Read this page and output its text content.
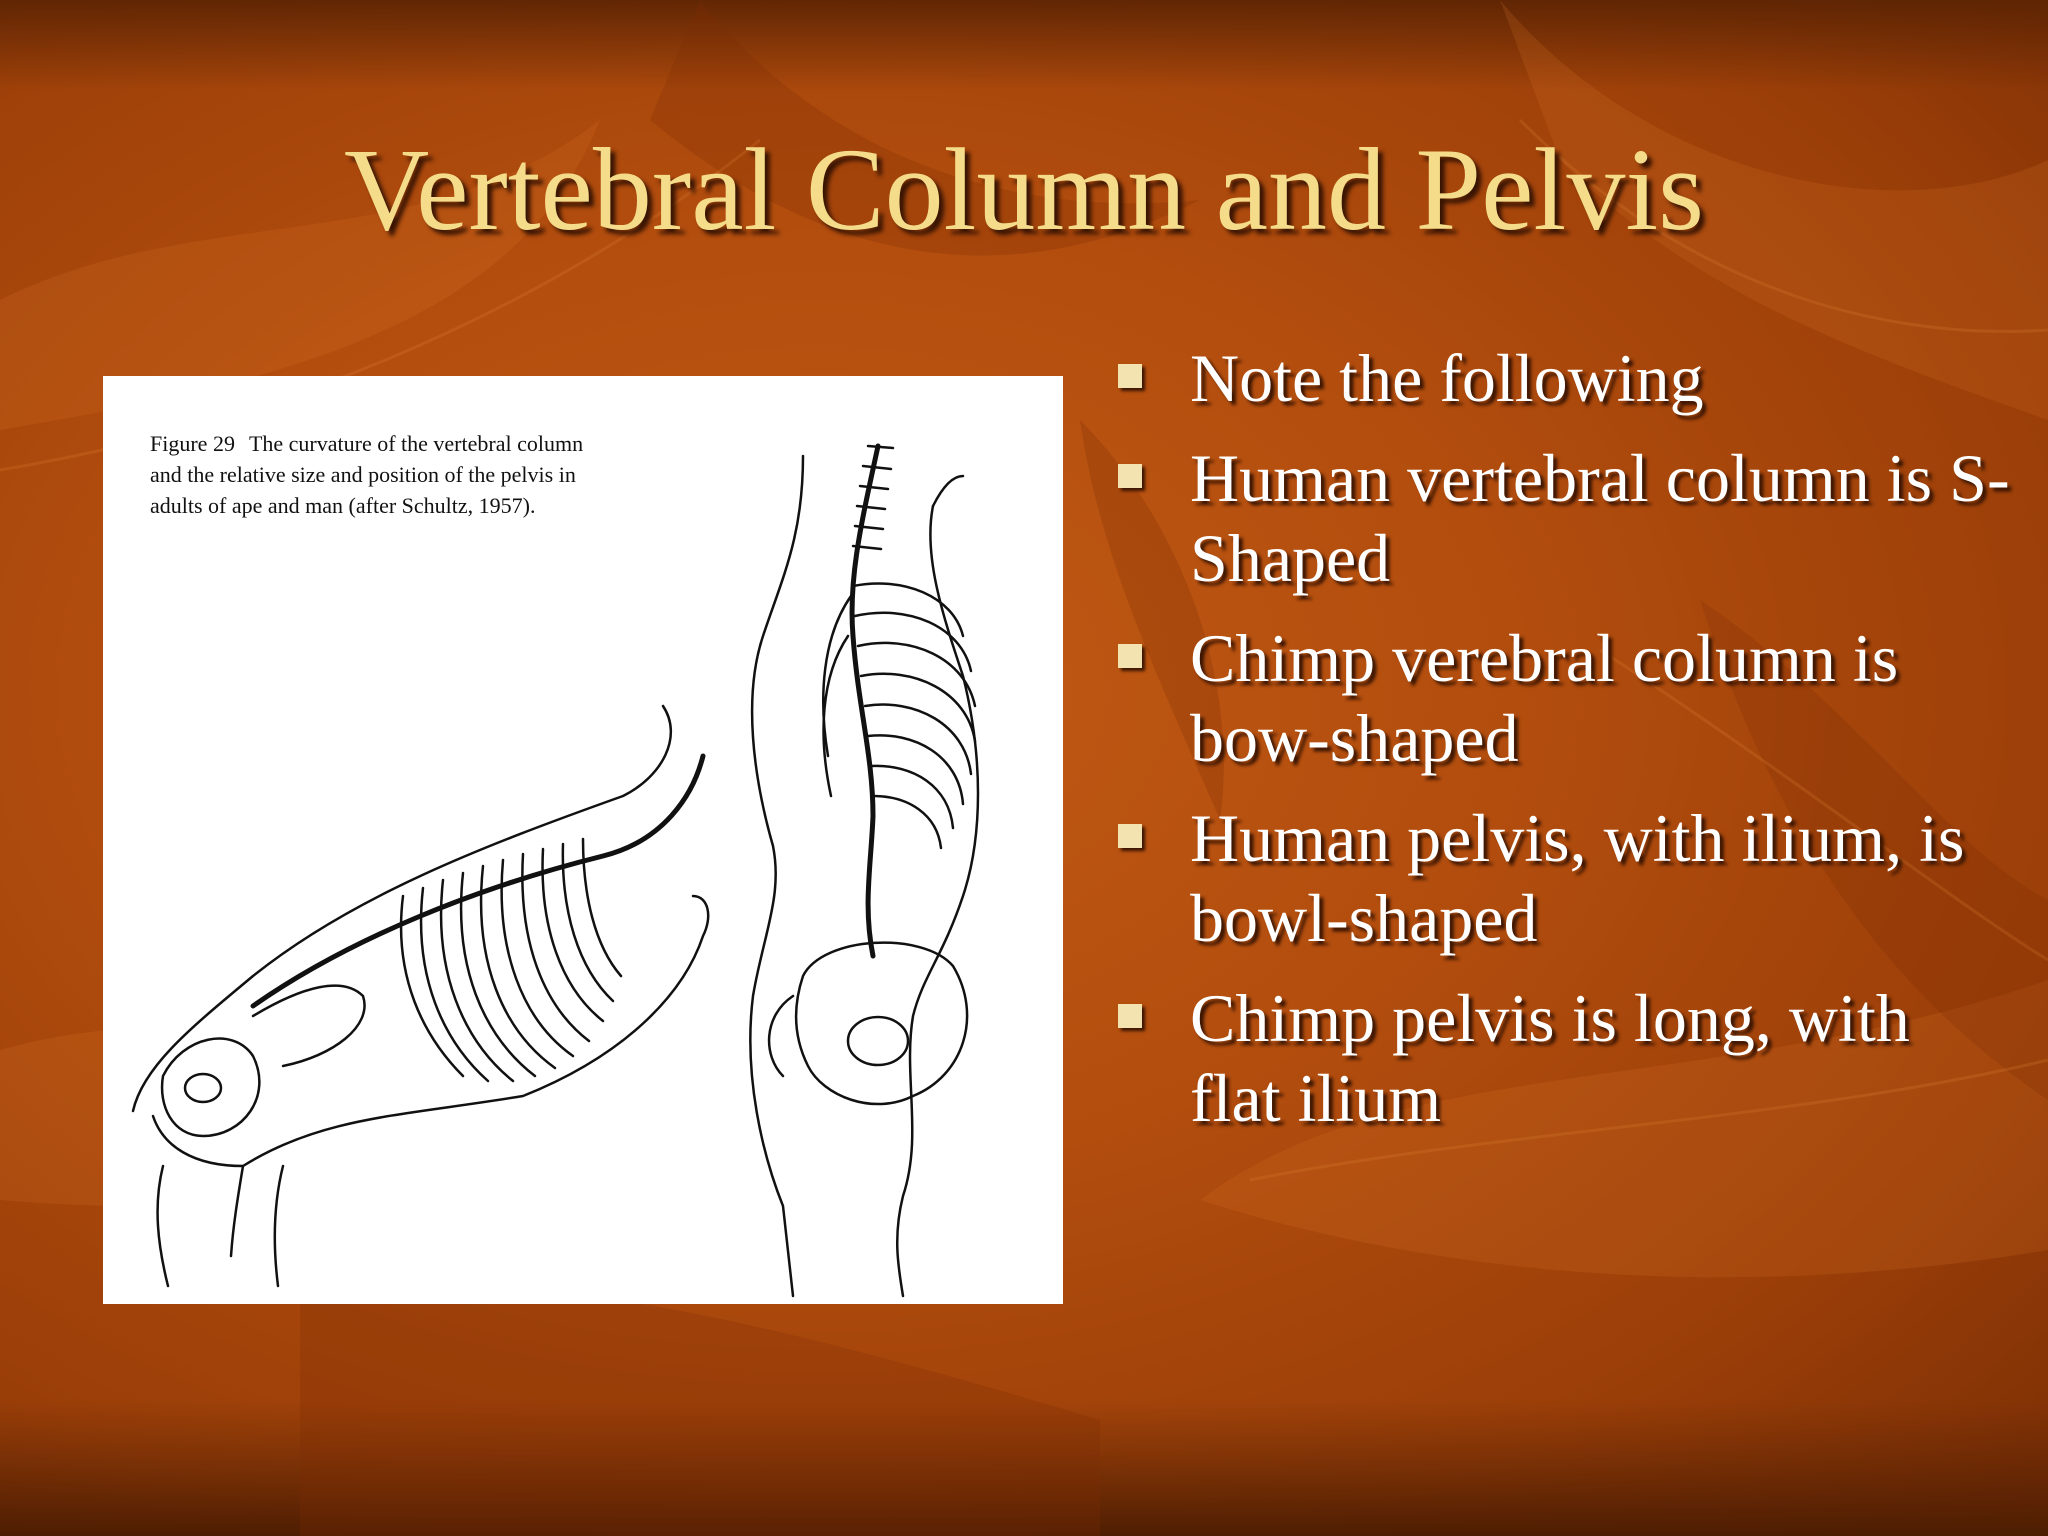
Vertebral Column and Pelvis

Figure 29 The curvature of the vertebral column and the relative size and position of the pelvis in adults of ape and man (after Schultz, 1957).

Note the following
Human vertebral column is S-Shaped
Chimp verebral column is bow-shaped
Human pelvis, with ilium, is bowl-shaped
Chimp pelvis is long, with flat ilium
